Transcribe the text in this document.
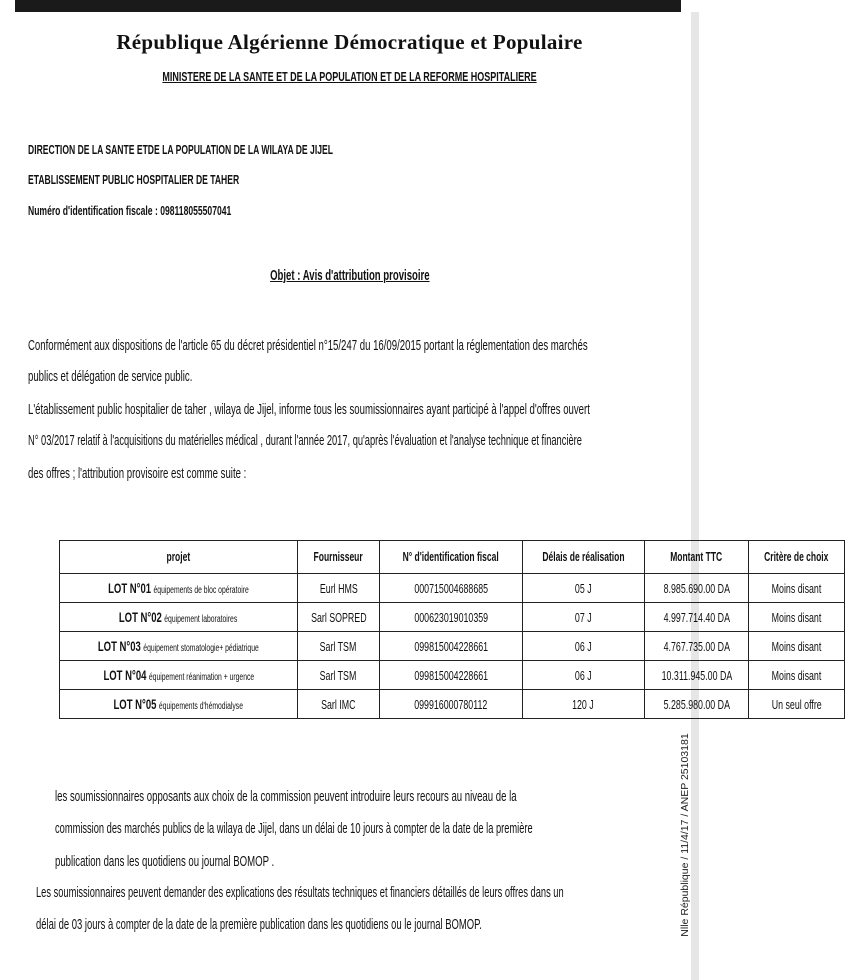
République Algérienne Démocratique et Populaire
MINISTERE DE LA SANTE ET DE LA POPULATION ET DE LA REFORME HOSPITALIERE
DIRECTION DE LA SANTE ETDE LA POPULATION DE LA WILAYA DE JIJEL
ETABLISSEMENT PUBLIC HOSPITALIER DE TAHER
Numéro d'identification fiscale : 098118055507041
Objet : Avis d'attribution provisoire
Conformément aux dispositions de l'article 65 du décret présidentiel n°15/247 du 16/09/2015 portant la réglementation des marchés
publics et délégation de service public.
L'établissement public hospitalier de taher , wilaya de Jijel, informe tous les soumissionnaires ayant participé à l'appel d'offres ouvert
N° 03/2017 relatif à l'acquisitions du matérielles médical , durant l'année 2017, qu'après l'évaluation et l'analyse technique et financière
des offres ; l'attribution provisoire est comme suite :
projet	Fournisseur	N° d'identification fiscal	Délais de réalisation	Montant TTC	Critère de choix
LOT N°01 équipements de bloc opératoire	Eurl HMS	000715004688685	05 J	8.985.690.00 DA	Moins disant
LOT N°02 équipement laboratoires	Sarl SOPRED	000623019010359	07 J	4.997.714.40 DA	Moins disant
LOT N°03 équipement stomatologie+ pédiatrique	Sarl TSM	099815004228661	06 J	4.767.735.00 DA	Moins disant
LOT N°04 équipement réanimation + urgence	Sarl TSM	099815004228661	06 J	10.311.945.00 DA	Moins disant
LOT N°05 équipements d'hémodialyse	Sarl IMC	099916000780112	120 J	5.285.980.00 DA	Un seul offre
les soumissionnaires opposants aux choix de la commission peuvent introduire leurs recours au niveau de la
commission des marchés publics de la wilaya de Jijel, dans un délai de 10 jours à compter de la date de la première
publication dans les quotidiens ou journal BOMOP .
Les soumissionnaires peuvent demander des explications des résultats techniques et financiers détaillés de leurs offres dans un
délai de 03 jours à compter de la date de la première publication dans les quotidiens ou le journal BOMOP.	Nlle République / 11/4/17 / ANEP 25103181
